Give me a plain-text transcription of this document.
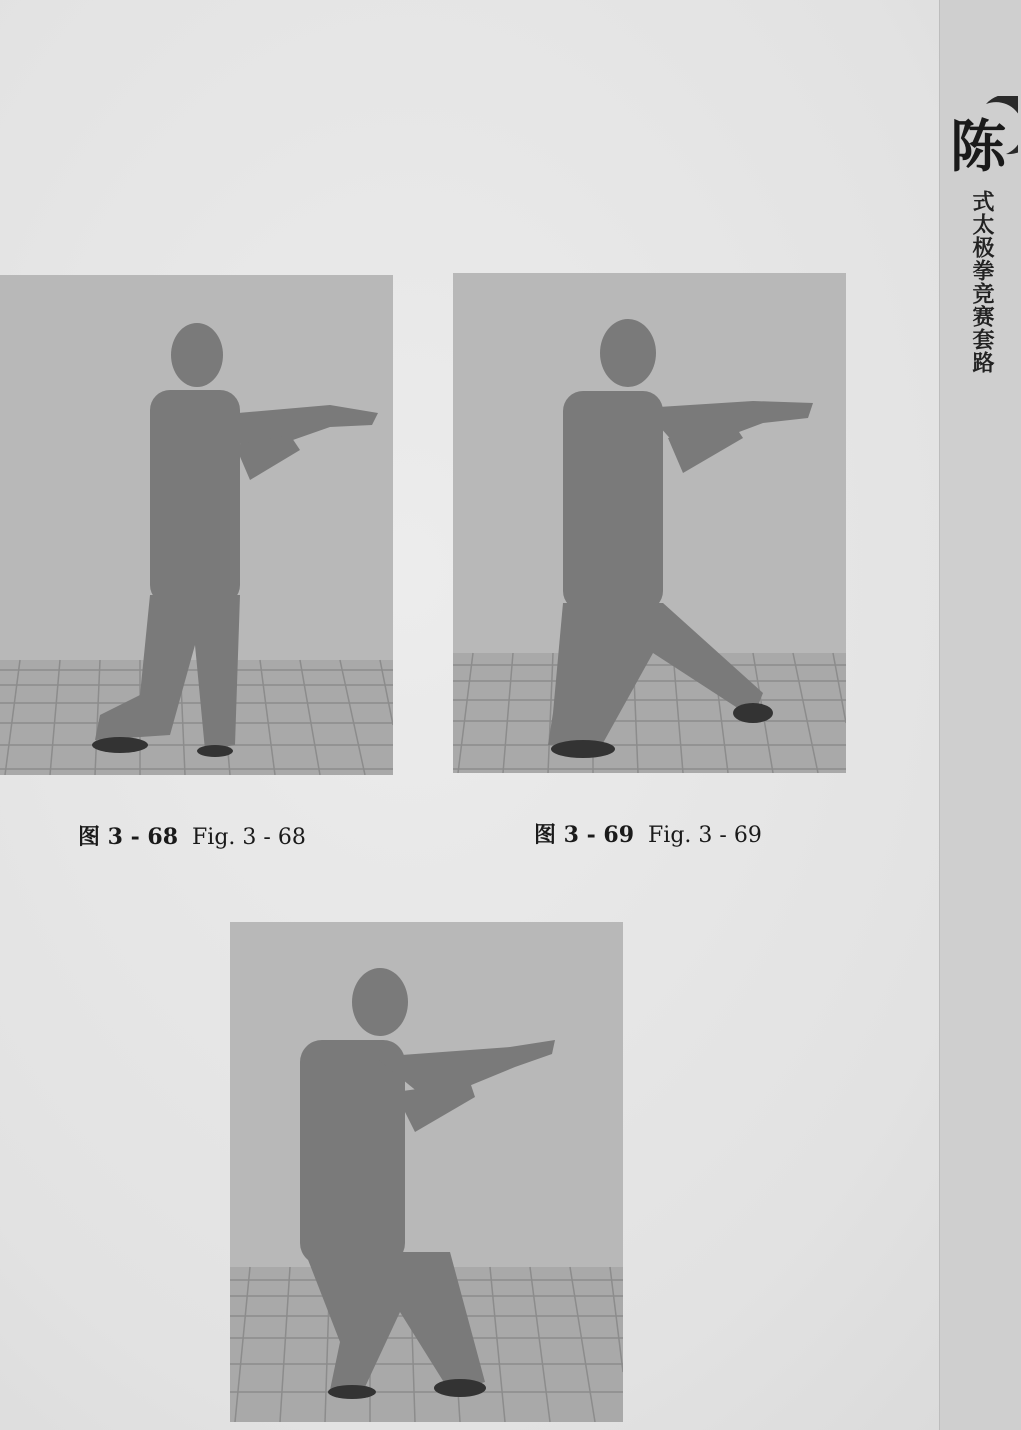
图 3 - 68 Fig. 3 - 68	图 3 - 69 Fig. 3 - 69
陈
式太极拳竞赛套路
